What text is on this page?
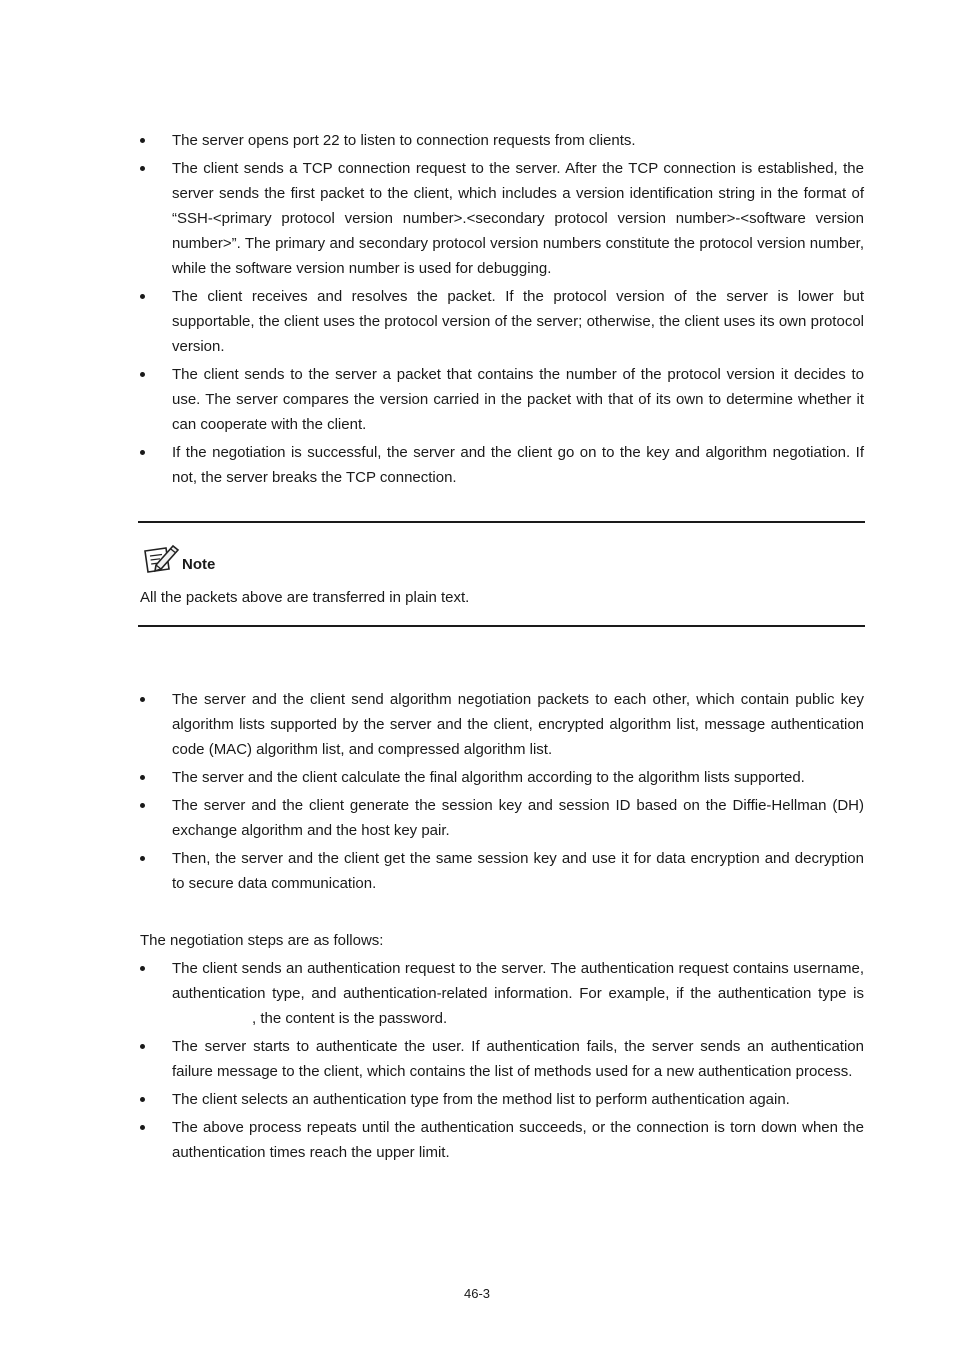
The server opens port 22 to listen to connection requests from clients.
The client sends a TCP connection request to the server. After the TCP connection is established, the server sends the first packet to the client, which includes a version identification string in the format of “SSH-<primary protocol version number>.<secondary protocol version number>-<software version number>”. The primary and secondary protocol version numbers constitute the protocol version number, while the software version number is used for debugging.
The client receives and resolves the packet. If the protocol version of the server is lower but supportable, the client uses the protocol version of the server; otherwise, the client uses its own protocol version.
The client sends to the server a packet that contains the number of the protocol version it decides to use. The server compares the version carried in the packet with that of its own to determine whether it can cooperate with the client.
If the negotiation is successful, the server and the client go on to the key and algorithm negotiation. If not, the server breaks the TCP connection.
Note

All the packets above are transferred in plain text.

The server and the client send algorithm negotiation packets to each other, which contain public key algorithm lists supported by the server and the client, encrypted algorithm list, message authentication code (MAC) algorithm list, and compressed algorithm list.
The server and the client calculate the final algorithm according to the algorithm lists supported.
The server and the client generate the session key and session ID based on the Diffie-Hellman (DH) exchange algorithm and the host key pair.
Then, the server and the client get the same session key and use it for data encryption and decryption to secure data communication.

The negotiation steps are as follows:

The client sends an authentication request to the server. The authentication request contains username, authentication type, and authentication-related information. For example, if the authentication type is , the content is the password.
The server starts to authenticate the user. If authentication fails, the server sends an authentication failure message to the client, which contains the list of methods used for a new authentication process.
The client selects an authentication type from the method list to perform authentication again.
The above process repeats until the authentication succeeds, or the connection is torn down when the authentication times reach the upper limit.
46-3
